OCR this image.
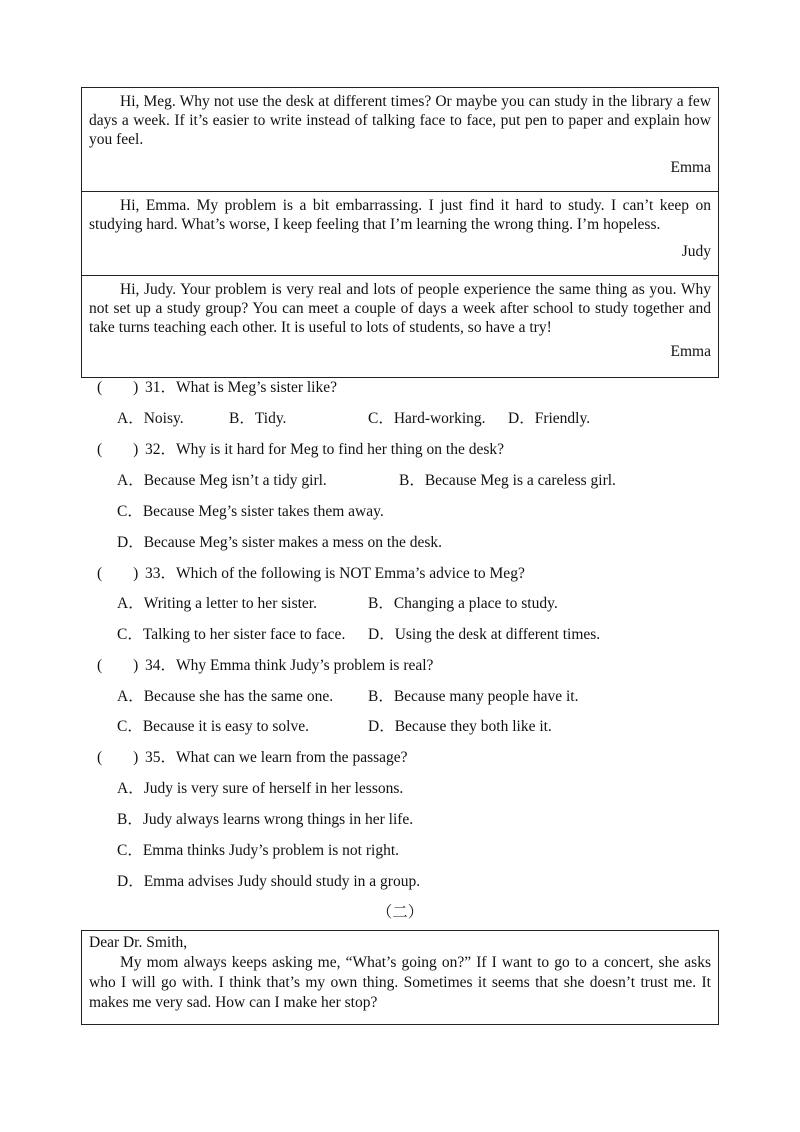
Hi, Meg. Why not use the desk at different times? Or maybe you can study in the library a few days a week. If it’s easier to write instead of talking face to face, put pen to paper and explain how you feel.

Emma

Hi, Emma. My problem is a bit embarrassing. I just find it hard to study. I can’t keep on studying hard. What’s worse, I keep feeling that I’m learning the wrong thing. I’m hopeless.

Judy

Hi, Judy. Your problem is very real and lots of people experience the same thing as you. Why not set up a study group? You can meet a couple of days a week after school to study together and take turns teaching each other. It is useful to lots of students, so have a try!

Emma
(　　) 31．What is Meg’s sister like?
A．Noisy.	B．Tidy.	C．Hard-working. D．Friendly.
(　　) 32．Why is it hard for Meg to find her thing on the desk?
A．Because Meg isn’t a tidy girl.	B．Because Meg is a careless girl.
C．Because Meg’s sister takes them away.
D．Because Meg’s sister makes a mess on the desk.
(　　) 33．Which of the following is NOT Emma’s advice to Meg?
A．Writing a letter to her sister.	B．Changing a place to study.
C．Talking to her sister face to face. D．Using the desk at different times.
(　　) 34．Why Emma think Judy’s problem is real?
A．Because she has the same one. B．Because many people have it.
C．Because it is easy to solve.	D．Because they both like it.
(　　) 35．What can we learn from the passage?
A．Judy is very sure of herself in her lessons.
B．Judy always learns wrong things in her life.
C．Emma thinks Judy’s problem is not right.
D．Emma advises Judy should study in a group.
（二）

Dear Dr. Smith,

My mom always keeps asking me, “What’s going on?” If I want to go to a concert, she asks who I will go with. I think that’s my own thing. Sometimes it seems that she doesn’t trust me. It makes me very sad. How can I make her stop?
